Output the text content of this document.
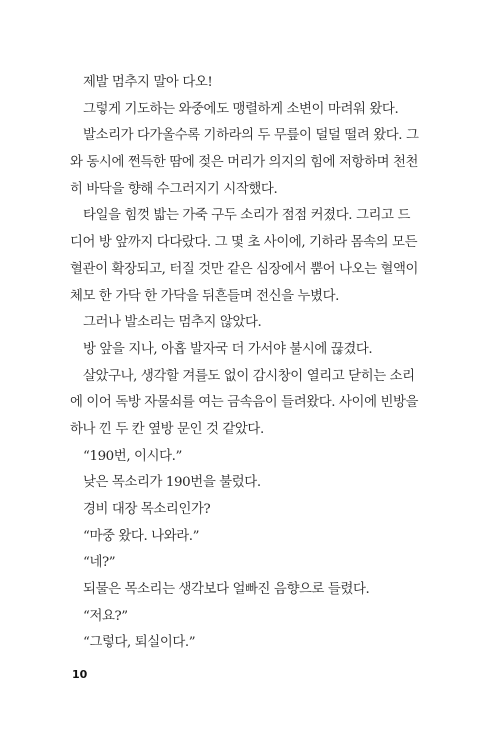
제발 멈추지 말아 다오!
그렇게 기도하는 와중에도 맹렬하게 소변이 마려워 왔다.
발소리가 다가올수록 기하라의 두 무릎이 덜덜 떨려 왔다. 그
와 동시에 쩐득한 땀에 젖은 머리가 의지의 힘에 저항하며 천천
히 바닥을 향해 수그러지기 시작했다.
타일을 힘껏 밟는 가죽 구두 소리가 점점 커졌다. 그리고 드
디어 방 앞까지 다다랐다. 그 몇 초 사이에, 기하라 몸속의 모든
혈관이 확장되고, 터질 것만 같은 심장에서 뿜어 나오는 혈액이
체모 한 가닥 한 가닥을 뒤흔들며 전신을 누볐다.
그러나 발소리는 멈추지 않았다.
방 앞을 지나, 아홉 발자국 더 가서야 불시에 끊겼다.
살았구나, 생각할 겨를도 없이 감시창이 열리고 닫히는 소리
에 이어 독방 자물쇠를 여는 금속음이 들려왔다. 사이에 빈방을
하나 낀 두 칸 옆방 문인 것 같았다.
“190번, 이시다.”
낮은 목소리가 190번을 불렀다.
경비 대장 목소리인가?
“마중 왔다. 나와라.”
“네?”
되물은 목소리는 생각보다 얼빠진 음향으로 들렸다.
“저요?”
“그렇다, 퇴실이다.”
10
